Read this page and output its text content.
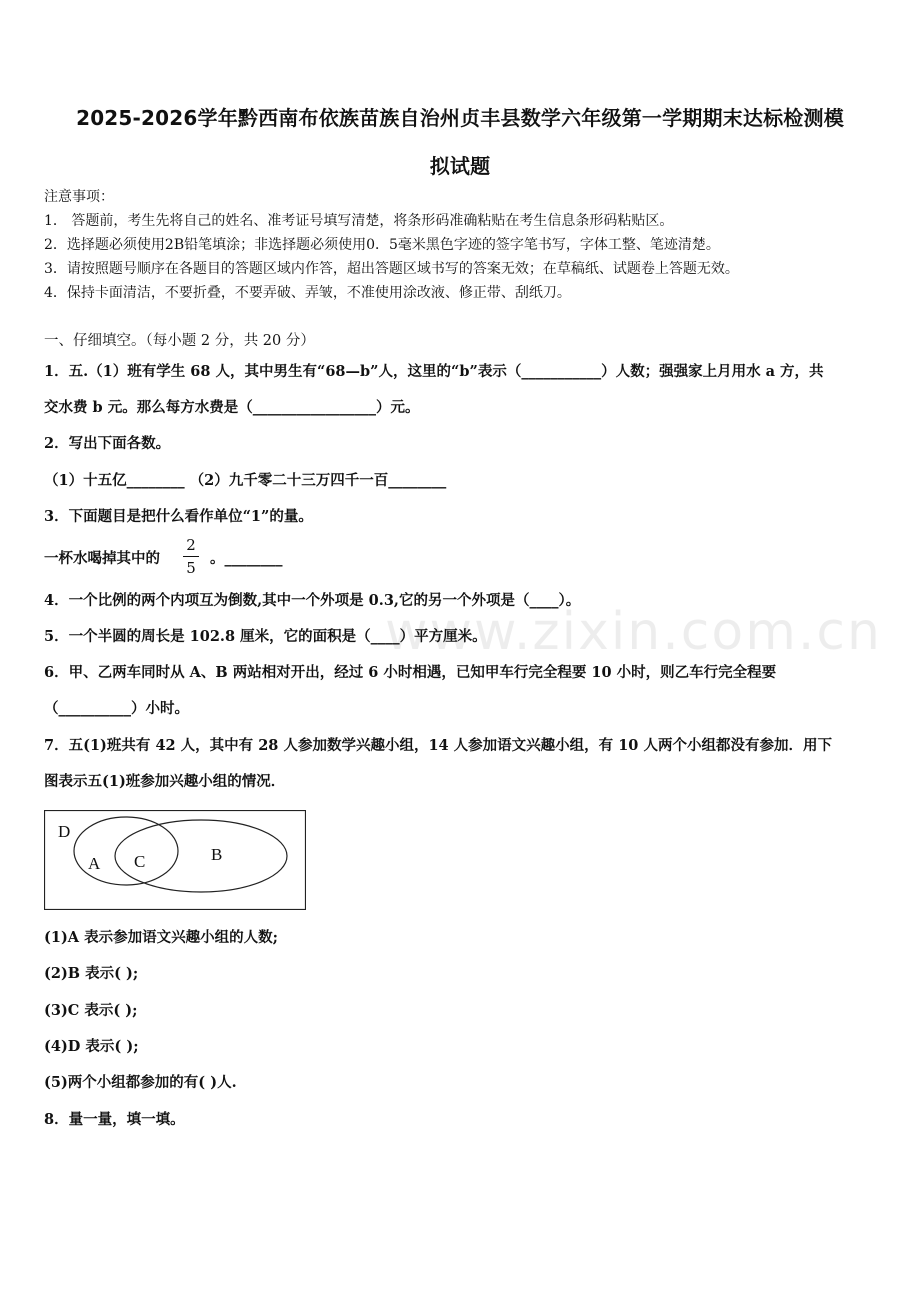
www.zixin.com.cn
2025-2026学年黔西南布依族苗族自治州贞丰县数学六年级第一学期期末达标检测模
拟试题
注意事项：
1． 答题前，考生先将自己的姓名、准考证号填写清楚，将条形码准确粘贴在考生信息条形码粘贴区。
2．选择题必须使用2B铅笔填涂；非选择题必须使用0．5毫米黑色字迹的签字笔书写，字体工整、笔迹清楚。
3．请按照题号顺序在各题目的答题区域内作答，超出答题区域书写的答案无效；在草稿纸、试题卷上答题无效。
4．保持卡面清洁，不要折叠，不要弄破、弄皱，不准使用涂改液、修正带、刮纸刀。
一、仔细填空。（每小题 2 分，共 20 分）
1．五.（1）班有学生 68 人，其中男生有“68—b”人，这里的“b”表示（___________）人数；强强家上月用水 a 方，共
交水费 b 元。那么每方水费是（_________________）元。
2．写出下面各数。
（1）十五亿________ （2）九千零二十三万四千一百________
3．下面题目是把什么看作单位“1”的量。
一杯水喝掉其中的
2
5
。________
4．一个比例的两个内项互为倒数,其中一个外项是 0.3,它的另一个外项是（____）。
5．一个半圆的周长是 102.8 厘米，它的面积是（____）平方厘米。
6．甲、乙两车同时从 A、B 两站相对开出，经过 6 小时相遇，已知甲车行完全程要 10 小时，则乙车行完全程要
（__________）小时。
7．五(1)班共有 42 人，其中有 28 人参加数学兴趣小组，14 人参加语文兴趣小组，有 10 人两个小组都没有参加．用下
图表示五(1)班参加兴趣小组的情况．
D
A C	B
(1)A 表示参加语文兴趣小组的人数;
(2)B 表示( );
(3)C 表示( );
(4)D 表示( );
(5)两个小组都参加的有( )人.
8．量一量，填一填。
